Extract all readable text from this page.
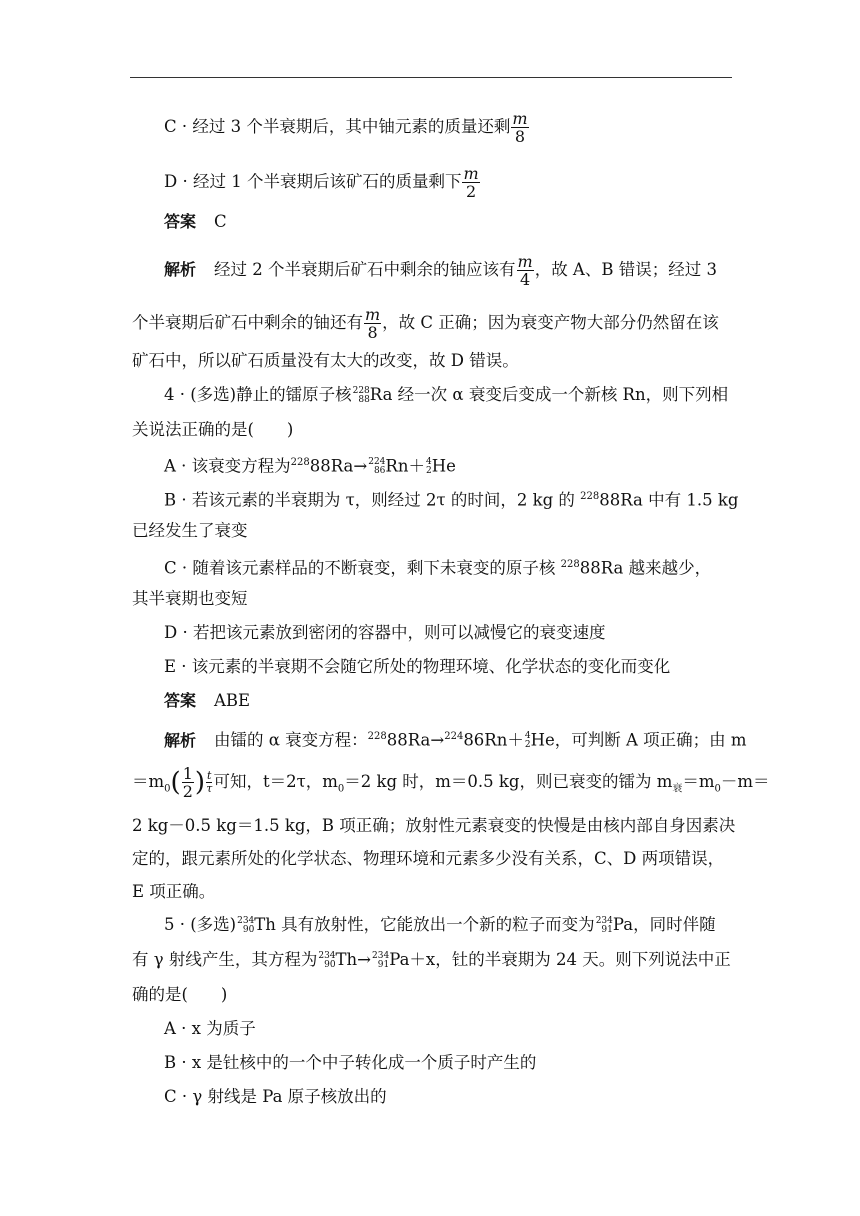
C · 经过 3 个半衰期后，其中铀元素的质量还剩 $\frac{m}{8}$
D · 经过 1 个半衰期后该矿石的质量剩下 $\frac{m}{2}$
答案 C
解析 经过 2 个半衰期后矿石中剩余的铀应该有 $\frac{m}{4}$ ，故 A、B 错误；经过 3
个半衰期后矿石中剩余的铀还有 $\frac{m}{8}$ ，故 C 正确；因为衰变产物大部分仍然留在该
矿石中，所以矿石质量没有太大的改变，故 D 错误。
4 · (多选)静止的镭原子核 228
88 Ra 经一次 α 衰变后变成一个新核 Rn，则下列相
关说法正确的是(　　)
A · 该衰变方程为$^{228}$88Ra→ 224
86 Rn＋ 4
2 He
B · 若该元素的半衰期为 τ，则经过 2τ 的时间，2 kg 的 $^{228}$88Ra 中有 1.5 kg
已经发生了衰变
C · 随着该元素样品的不断衰变，剩下未衰变的原子核 $^{228}$88Ra 越来越少，
其半衰期也变短
D · 若把该元素放到密闭的容器中，则可以减慢它的衰变速度
E · 该元素的半衰期不会随它所处的物理环境、化学状态的变化而变化
答案 ABE
解析 由镭的 α 衰变方程：$^{228}$88Ra→$^{224}$86Rn＋ 4
2 He，可判断 A 项正确；由 m
$=m_0( \frac{1}{2}$ ) $\frac{t}{\tau}$ 可知，t＝2τ，$m_0=2$ kg 时，m＝0.5 kg，则已衰变的镭为 $m_衰=m_0-m=$
2 kg－0.5 kg＝1.5 kg，B 项正确；放射性元素衰变的快慢是由核内部自身因素决
定的，跟元素所处的化学状态、物理环境和元素多少没有关系，C、D 两项错误，
E 项正确。
5 · (多选) 234
90 Th 具有放射性，它能放出一个新的粒子而变为 234
91 Pa，同时伴随
有 γ 射线产生，其方程为 234
90 Th→ 234
91 Pa＋x，钍的半衰期为 24 天。则下列说法中正
确的是(　　)
A · x 为质子
B · x 是钍核中的一个中子转化成一个质子时产生的
C · γ 射线是 Pa 原子核放出的
